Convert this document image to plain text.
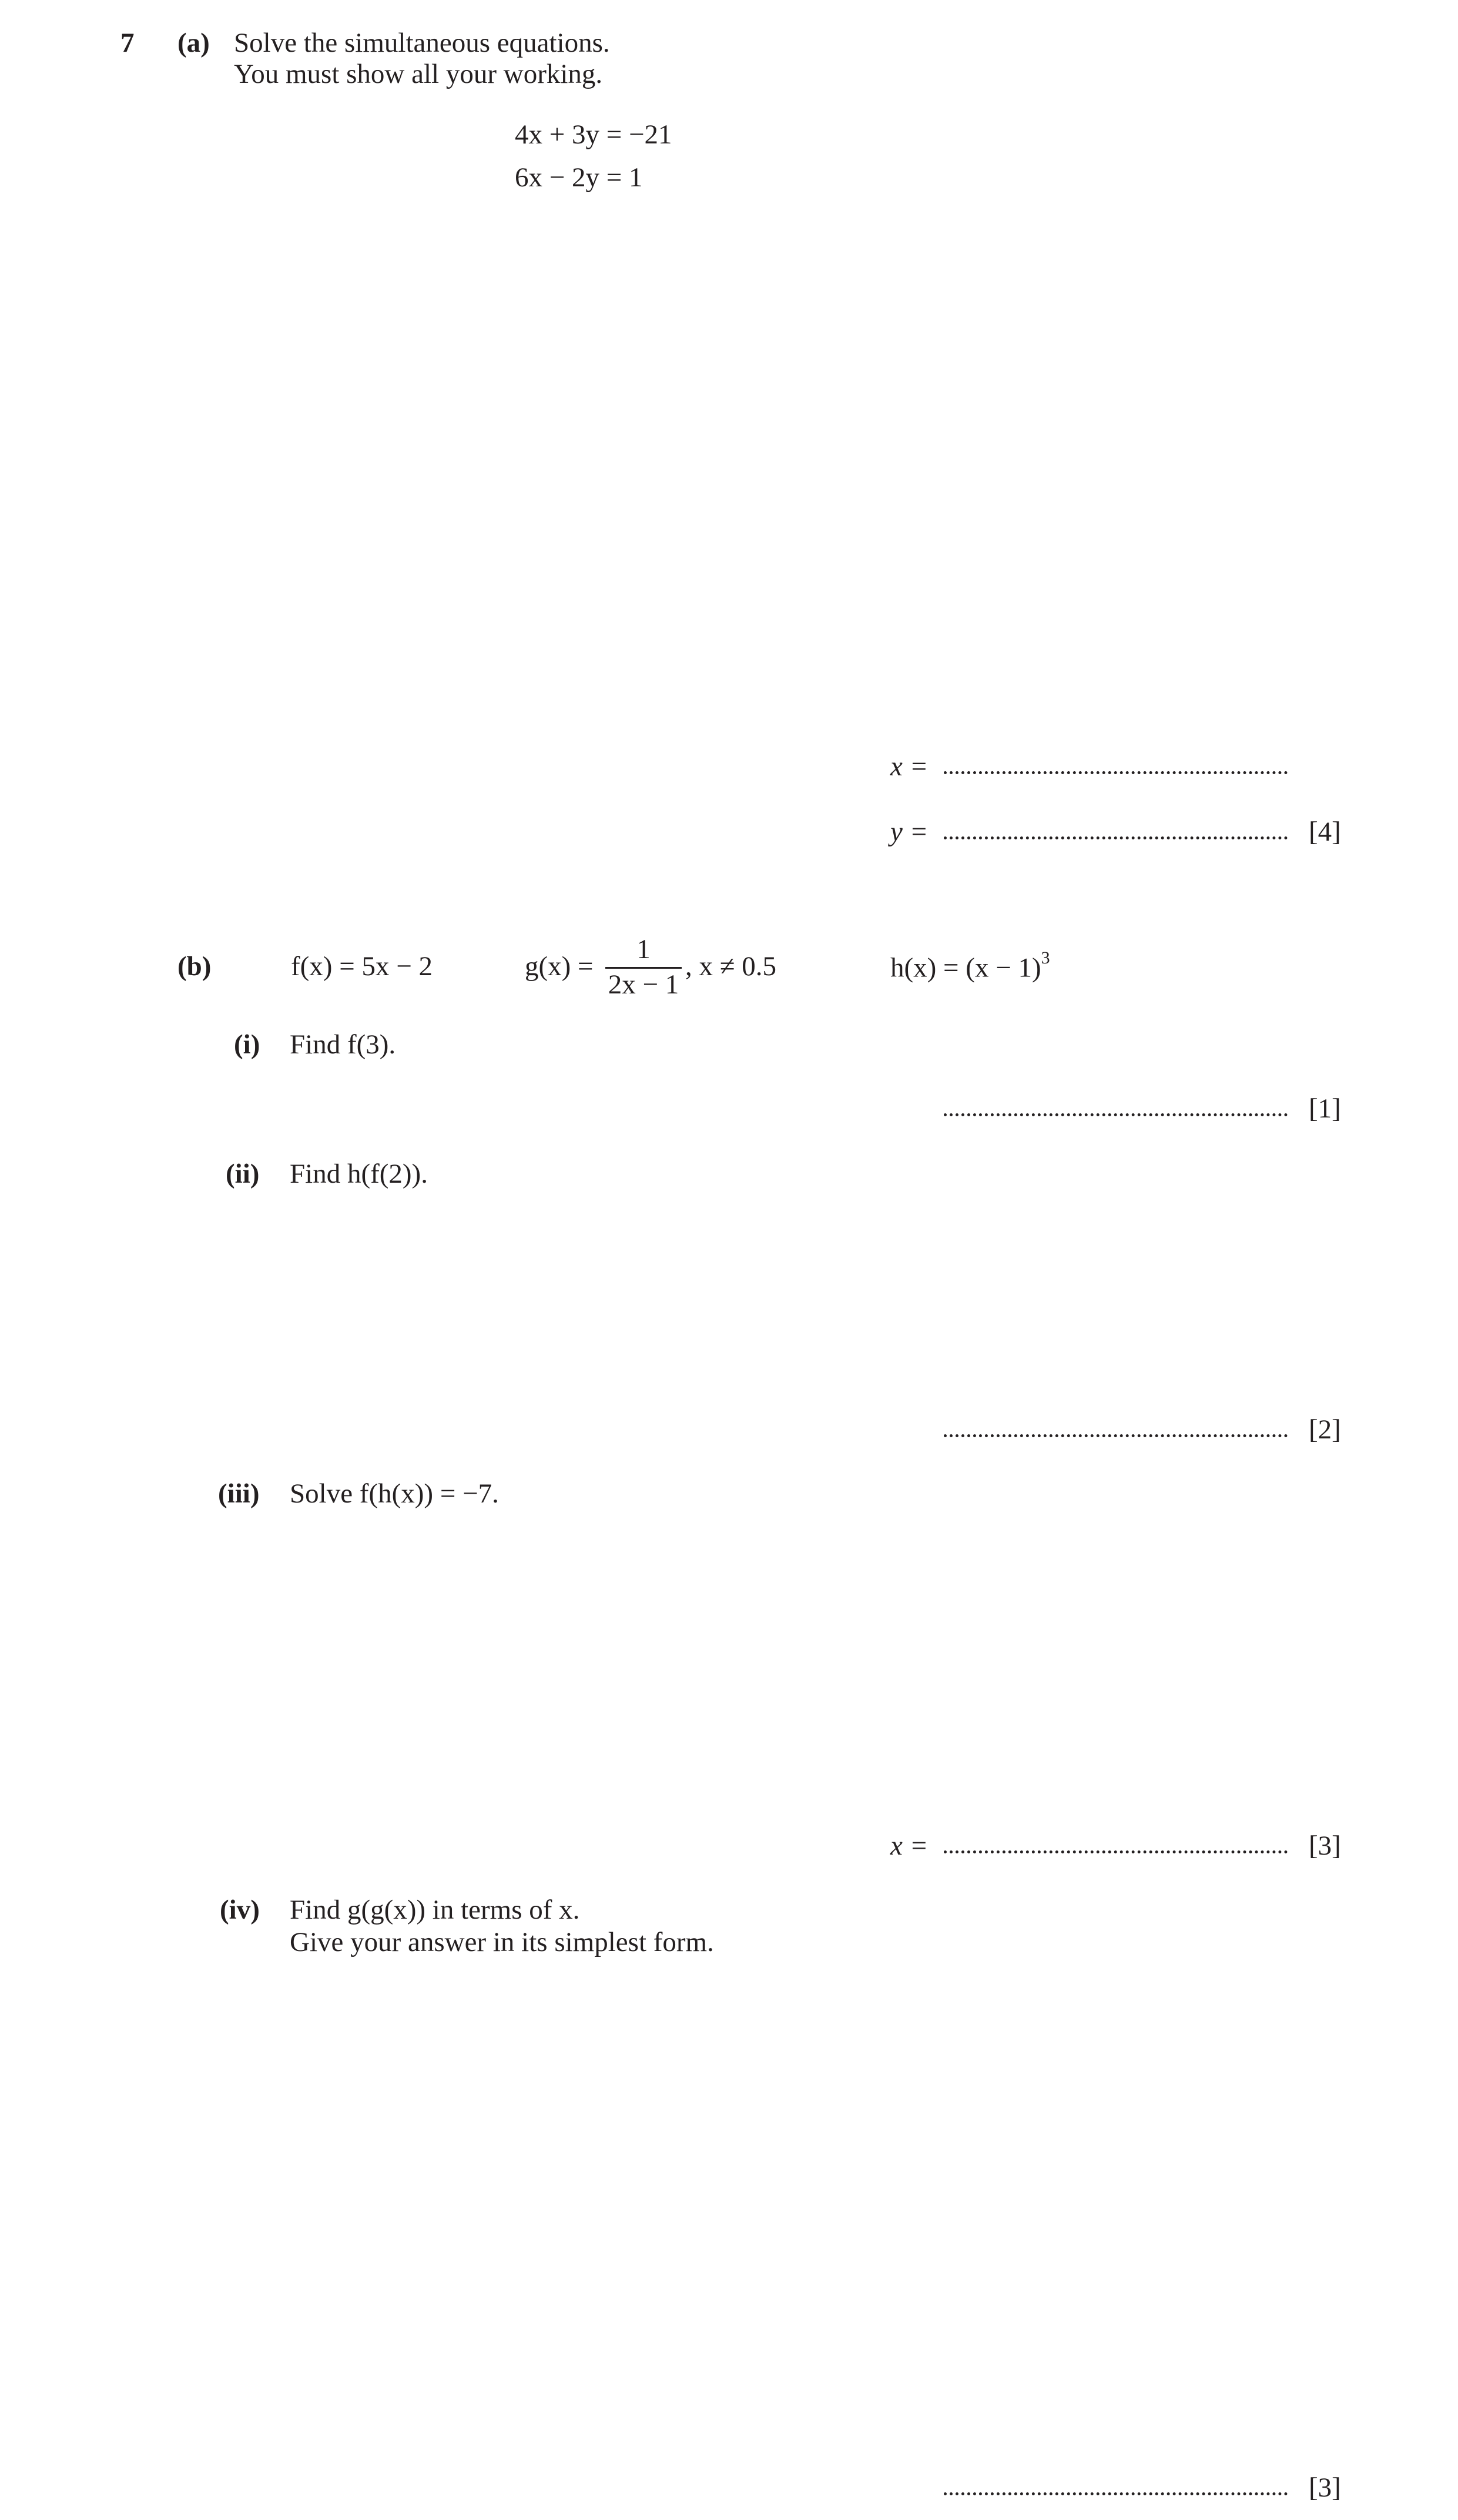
7 (a) Solve the simultaneous equations.
You must show all your working.
4x + 3y = −21
6x − 2y = 1
x =
y =	[4]
(b)	f(x) = 5x − 2	g(x) =
1
2x − 1
, x ≠ 0.5	$h(x) = (x - 1)^3$
(i) Find f(3).
[1]
(ii) Find h(f(2)).
[2]
(iii) Solve f(h(x)) = −7.
x =	[3]
(iv) Find g(g(x)) in terms of x.
Give your answer in its simplest form.
[3]
